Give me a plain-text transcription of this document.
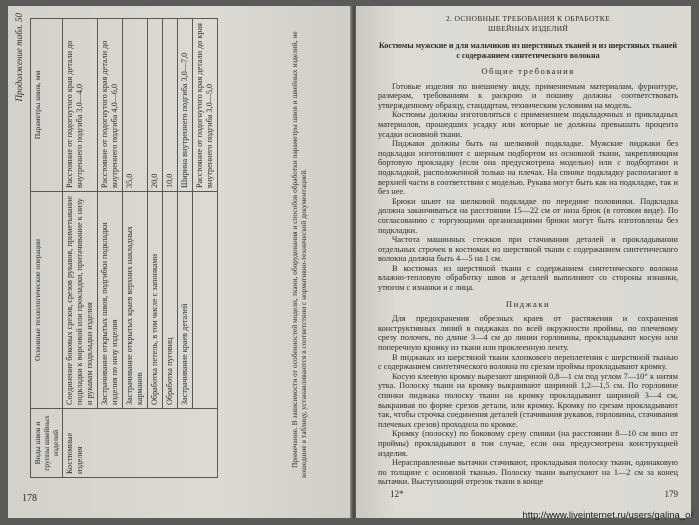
Продолжение табл. 50
Виды швов и группы швейных изделий	Основные технологические операции	Параметры швов, мм
Костюмные изделия	Соединение боковых срезов, срезов рукавов, приметывание подкладки к ворсовой или прокладки, притачивание к низу и рукавам подкладки изделия	Расстояние от подогнутого края детали до внутреннего подгиба 3,0—4,0
	Застрачивание открытых швов, подгибки подкладки изделия по низу изделия	Расстояние от подогнутого края детали до внутреннего подгиба 4,0—6,0
	Застрачивание открытых краев верхних накладных карманов	35,0
	Обработка петель, в том числе с запонками	20,0
	Обработка пуговиц	10,0
	Застрачивание краев деталей	Ширина внутреннего подгиба 3,0—7,0
		Расстояние от подогнутого края детали до края внутреннего подгиба 3,0—5,0	Примечание. В зависимости от особенностей модели, ткани, оборудования и способов обработки параметры швов и швейных изделий, не вошедшие в таблицу, устанавливаются в соответствии с нормативно-технической документацией.
178
2. ОСНОВНЫЕ ТРЕБОВАНИЯ К ОБРАБОТКЕ
ШВЕЙНЫХ ИЗДЕЛИЙ
Костюмы мужские и для мальчиков из шерстяных тканей и из шерстяных тканей с содержанием синтетического волокна
Общие требования

Готовые изделия по внешнему виду, применяемым материалам, фурнитуре, размерам, требованиям к раскрою и пошиву должны соответствовать утвержденному образцу, стандартам, техническим условиям на модель.

Костюмы должны изготовляться с применением подкладочных и прикладных материалов, прошедших усадку или которые не должны превышать процента усадки основной ткани.

Пиджаки должны быть на шелковой подкладке. Мужские пиджаки без подкладки изготовляют с шерным подбортом из основной ткани, закрепляющим бортовую прокладку (если она предусмотрена моделью) или с подбортами и подкладкой, расположенной только на плечах. На спинке подкладку располагают в верхней части в соответствии с моделью. Рукава могут быть как на подкладке, так и без нее.

Брюки шьют на шелковой подкладке по передние половинки. Подкладка должна заканчиваться на расстоянии 15—22 см от низа брюк (в готовом виде). По согласованию с торгующими организациями брюки могут быть изготовлены без подкладки.

Частота машинных стежков при стачивании деталей и прокладывании отдельных строчек в костюмах из шерстяной ткани с содержанием синтетического волокна должна быть 4—5 на 1 см.

В костюмах из шерстяной ткани с содержанием синтетического волокна влажно-тепловую обработку швов и деталей выполняют со стороны изнанки, утюгом с изнанки и с лица.

Пиджаки

Для предохранения обрезных краев от растяжения и сохранения конструктивных линий в пиджаках по всей окружности проймы, по плечевому срезу полочек, по длине 3—4 см до линии горловины, прокладывают косую или поперечную кромку из ткани или проклеенную ленту.

В пиджаках из шерстяной ткани хлопкового переплетения с шерстяной тканью с содержанием синтетического волокна по срезам проймы прокладывают кромку.

Косую клеевую кромку вырезают шириной 0,8—1 см под углом 7—10° к нитям утка. Полоску ткани на кромку выкраивают шириной 1,2—1,5 см. По горловине спинки пиджака полоску ткани на кромку прокладывают шириной 3—4 см, выкраивая по форме срезов детали, или кромку. Кромку по срезам прокладывают так, чтобы строчка соединения деталей (стачивания рукавов, горловины, стачивания плечевых срезов) проходила по кромке.

Кромку (полоску) по боковому срезу спинки (на расстоянии 8—10 см вниз от проймы) прокладывают в том случае, если она предусмотрена конструкцией изделия.

Нерасправленные вытачки стачивают, прокладывая полоску ткани, одинаковую по толщине с основной тканью. Полоску ткани выпускают на 1—2 см за конец вытачки. Выступающий отрезок ткани в конце

12*	179
http://www.liveinternet.ru/users/galina_o/
